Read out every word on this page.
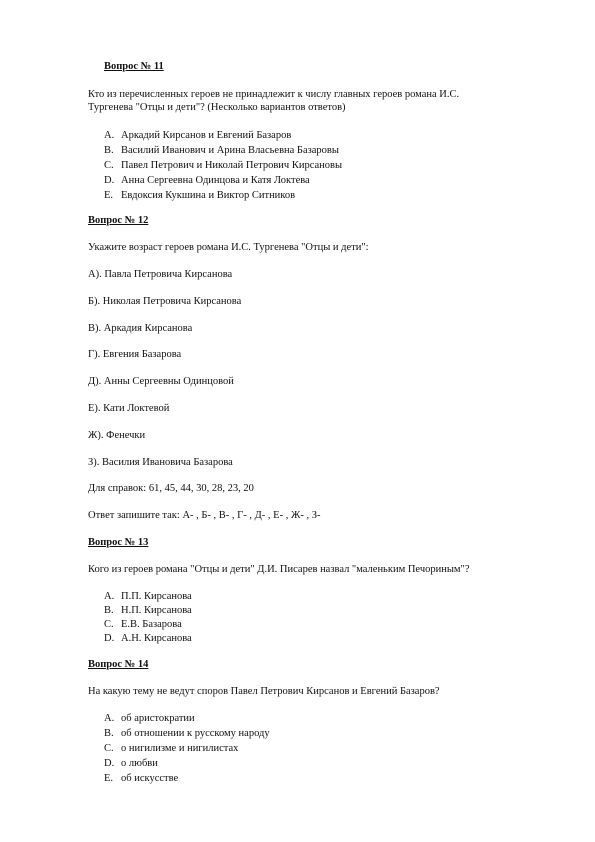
Вопрос № 11
Кто из перечисленных героев не принадлежит к числу главных героев романа И.С.
Тургенева "Отцы и дети"? (Несколько вариантов ответов)
A. Аркадий Кирсанов и Евгений Базаров
B. Василий Иванович и Арина Власьевна Базаровы
C. Павел Петрович и Николай Петрович Кирсановы
D. Анна Сергеевна Одинцова и Катя Локтева
E. Евдоксия Кукшина и Виктор Ситников
Вопрос № 12
Укажите возраст героев романа И.С. Тургенева "Отцы и дети":
А). Павла Петровича Кирсанова
Б). Николая Петровича Кирсанова
В). Аркадия Кирсанова
Г). Евгения Базарова
Д). Анны Сергеевны Одинцовой
Е). Кати Локтевой
Ж). Фенечки
З). Василия Ивановича Базарова
Для справок: 61, 45, 44, 30, 28, 23, 20
Ответ запишите так: А- , Б- , В- , Г- , Д- , Е- , Ж- , З-
Вопрос № 13
Кого из героев романа "Отцы и дети" Д.И. Писарев назвал "маленьким Печориным"?
A. П.П. Кирсанова
B. Н.П. Кирсанова
C. Е.В. Базарова
D. А.Н. Кирсанова
Вопрос № 14
На какую тему не ведут споров Павел Петрович Кирсанов и Евгений Базаров?
A. об аристократии
B. об отношении к русскому народу
C. о нигилизме и нигилистах
D. о любви
E. об искусстве
